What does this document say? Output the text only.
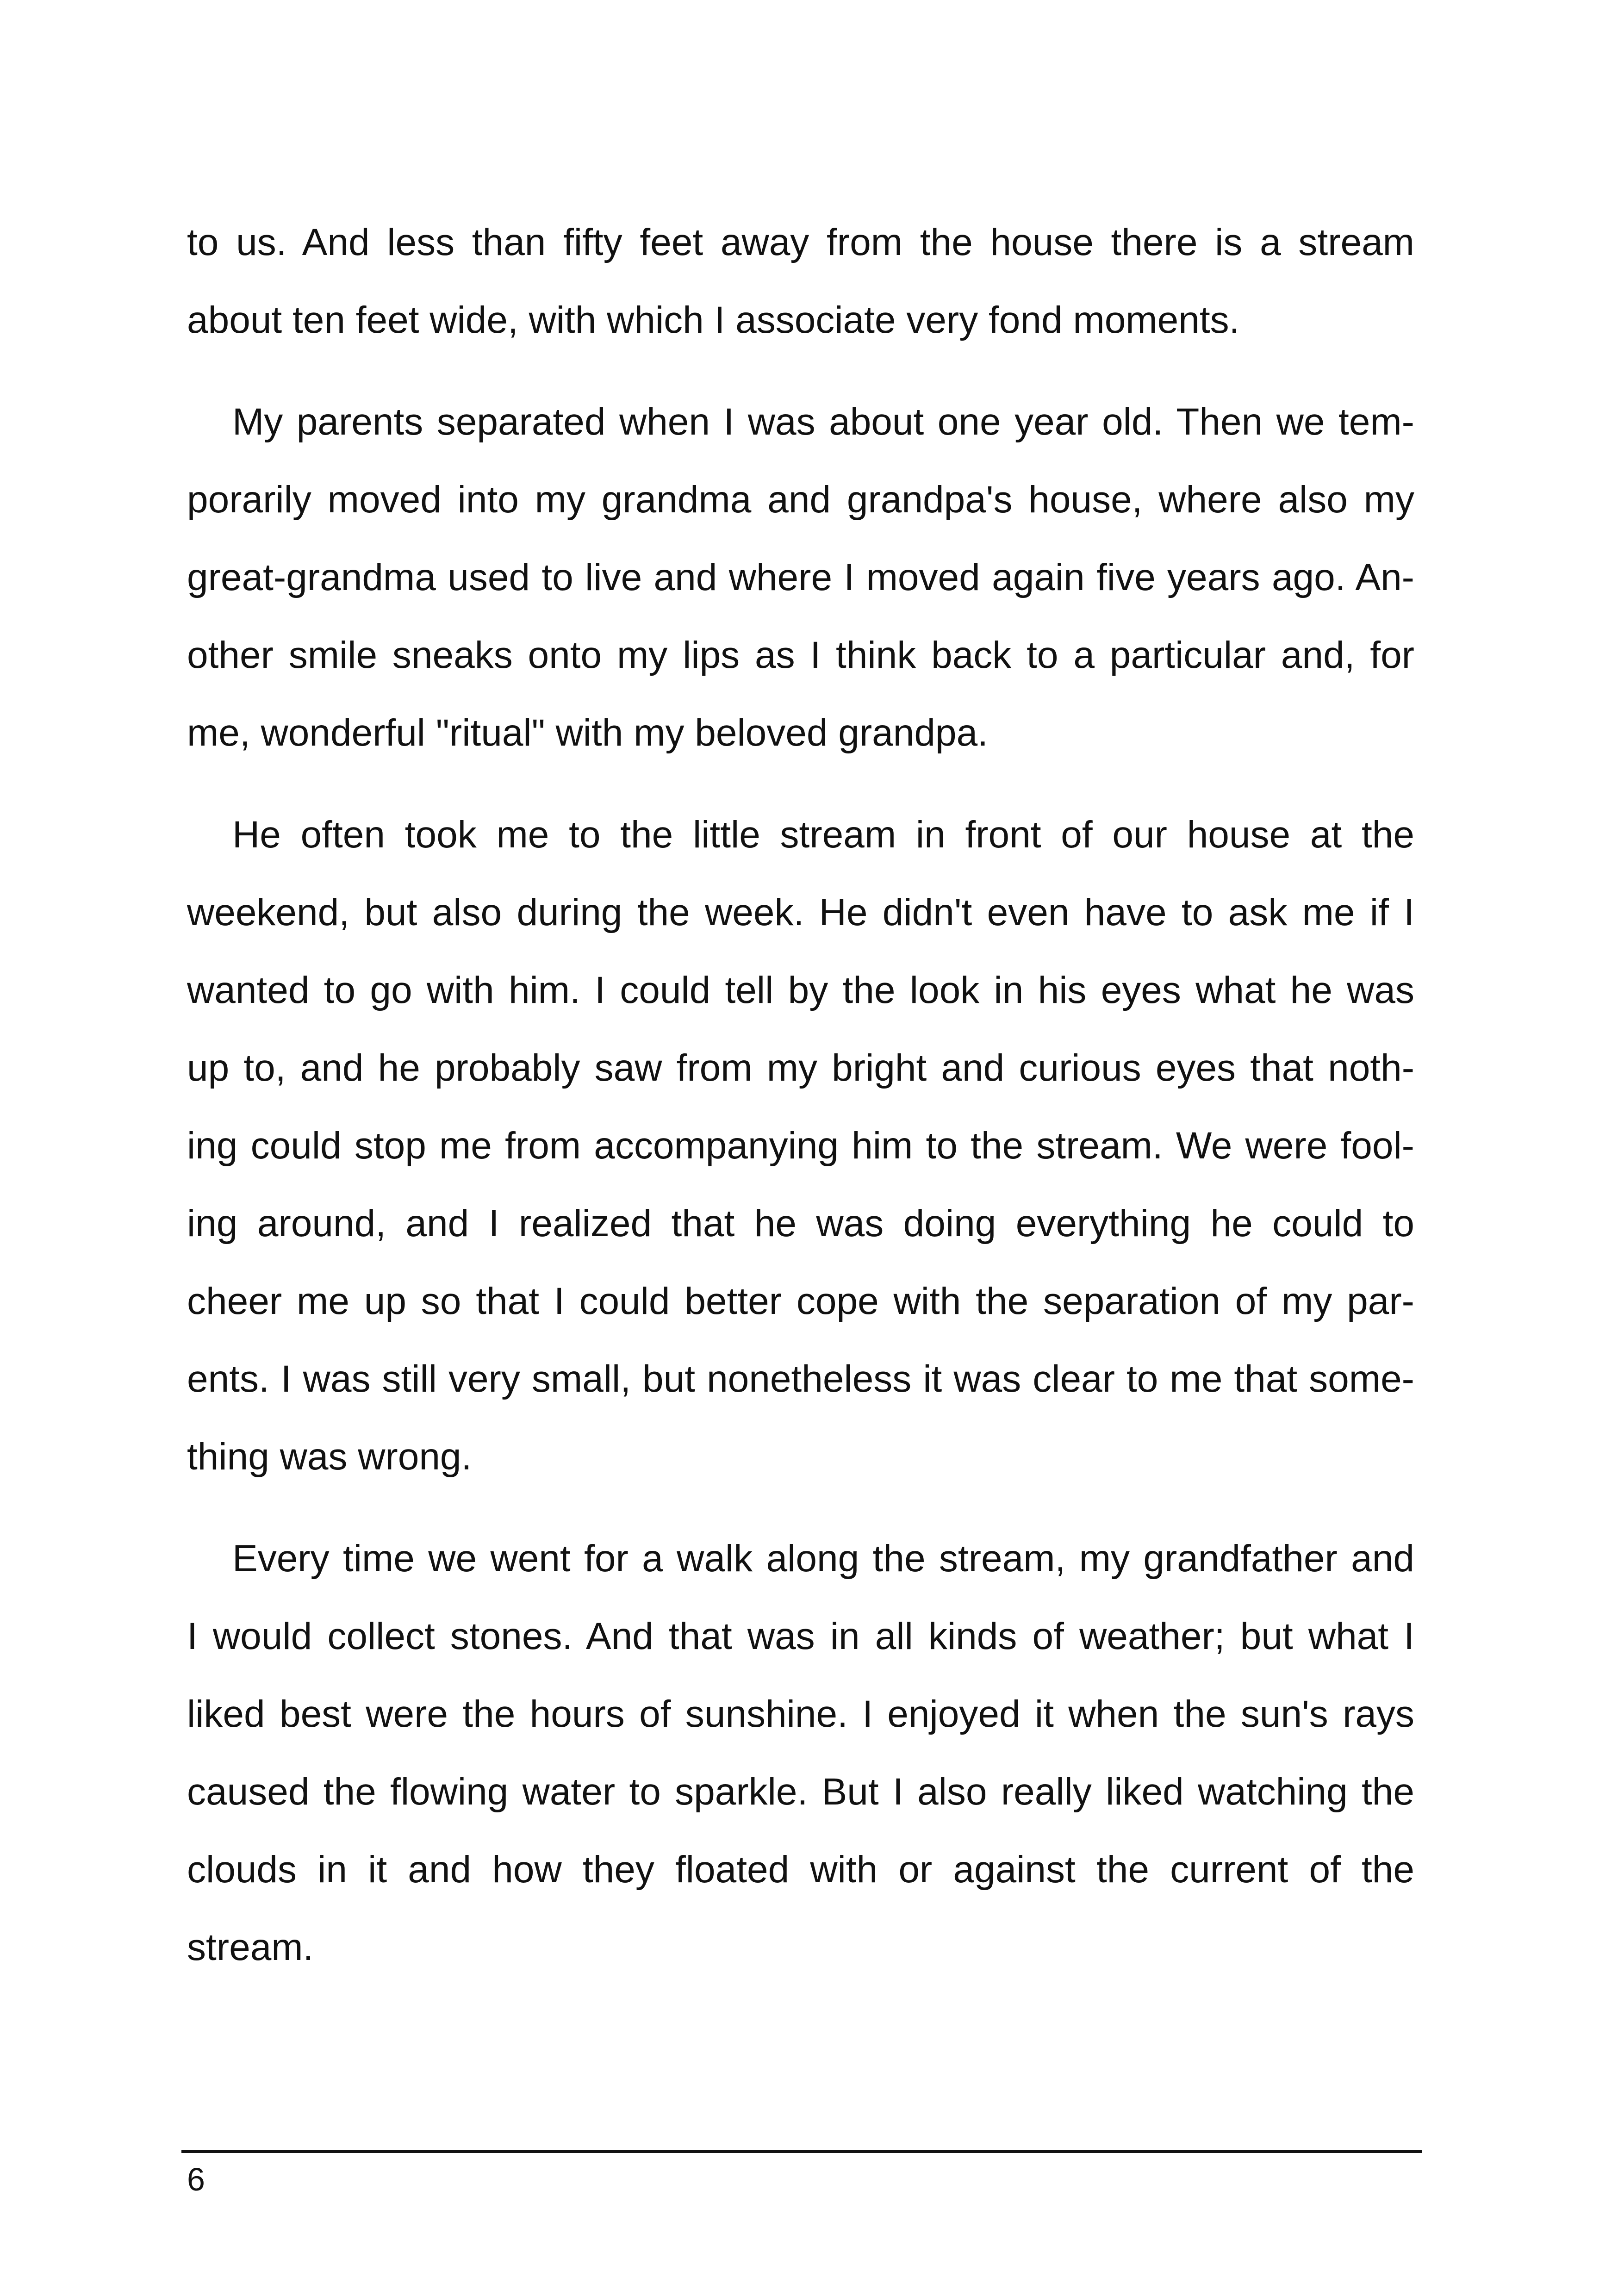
to us. And less than fifty feet away from the house there is a stream
about ten feet wide, with which I associate very fond moments.
My parents separated when I was about one year old. Then we tem-
porarily moved into my grandma and grandpa's house, where also my
great-grandma used to live and where I moved again five years ago. An-
other smile sneaks onto my lips as I think back to a particular and, for
me, wonderful "ritual" with my beloved grandpa.
He often took me to the little stream in front of our house at the
weekend, but also during the week. He didn't even have to ask me if I
wanted to go with him. I could tell by the look in his eyes what he was
up to, and he probably saw from my bright and curious eyes that noth-
ing could stop me from accompanying him to the stream. We were fool-
ing around, and I realized that he was doing everything he could to
cheer me up so that I could better cope with the separation of my par-
ents. I was still very small, but nonetheless it was clear to me that some-
thing was wrong.
Every time we went for a walk along the stream, my grandfather and
I would collect stones. And that was in all kinds of weather; but what I
liked best were the hours of sunshine. I enjoyed it when the sun's rays
caused the flowing water to sparkle. But I also really liked watching the
clouds in it and how they floated with or against the current of the
stream.
6
